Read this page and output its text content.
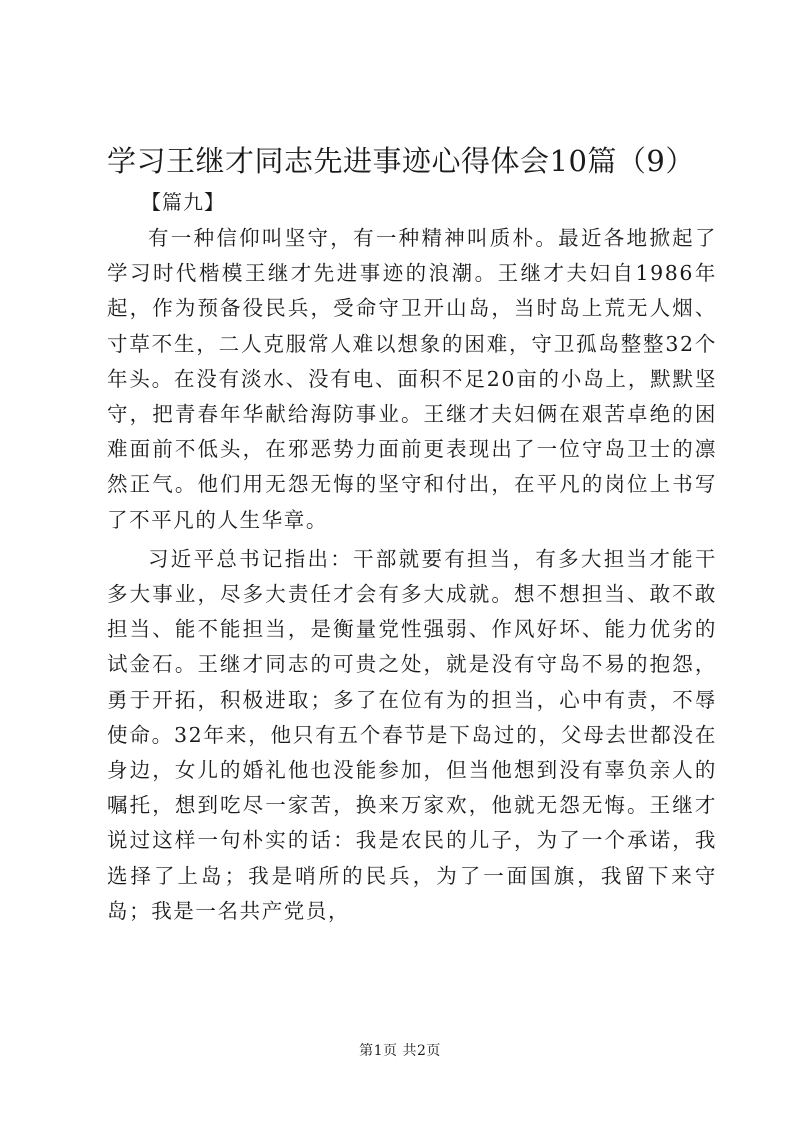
学习王继才同志先进事迹心得体会10篇（9）
【篇九】

有一种信仰叫坚守，有一种精神叫质朴。最近各地掀起了学习时代楷模王继才先进事迹的浪潮。王继才夫妇自1986年起，作为预备役民兵，受命守卫开山岛，当时岛上荒无人烟、寸草不生，二人克服常人难以想象的困难，守卫孤岛整整32个年头。在没有淡水、没有电、面积不足20亩的小岛上，默默坚守，把青春年华献给海防事业。王继才夫妇俩在艰苦卓绝的困难面前不低头，在邪恶势力面前更表现出了一位守岛卫士的凛然正气。他们用无怨无悔的坚守和付出，在平凡的岗位上书写了不平凡的人生华章。

习近平总书记指出：干部就要有担当，有多大担当才能干多大事业，尽多大责任才会有多大成就。想不想担当、敢不敢担当、能不能担当，是衡量党性强弱、作风好坏、能力优劣的试金石。王继才同志的可贵之处，就是没有守岛不易的抱怨，勇于开拓，积极进取；多了在位有为的担当，心中有责，不辱使命。32年来，他只有五个春节是下岛过的，父母去世都没在身边，女儿的婚礼他也没能参加，但当他想到没有辜负亲人的嘱托，想到吃尽一家苦，换来万家欢，他就无怨无悔。王继才说过这样一句朴实的话：我是农民的儿子，为了一个承诺，我选择了上岛；我是哨所的民兵，为了一面国旗，我留下来守岛；我是一名共产党员，

第1页 共2页
